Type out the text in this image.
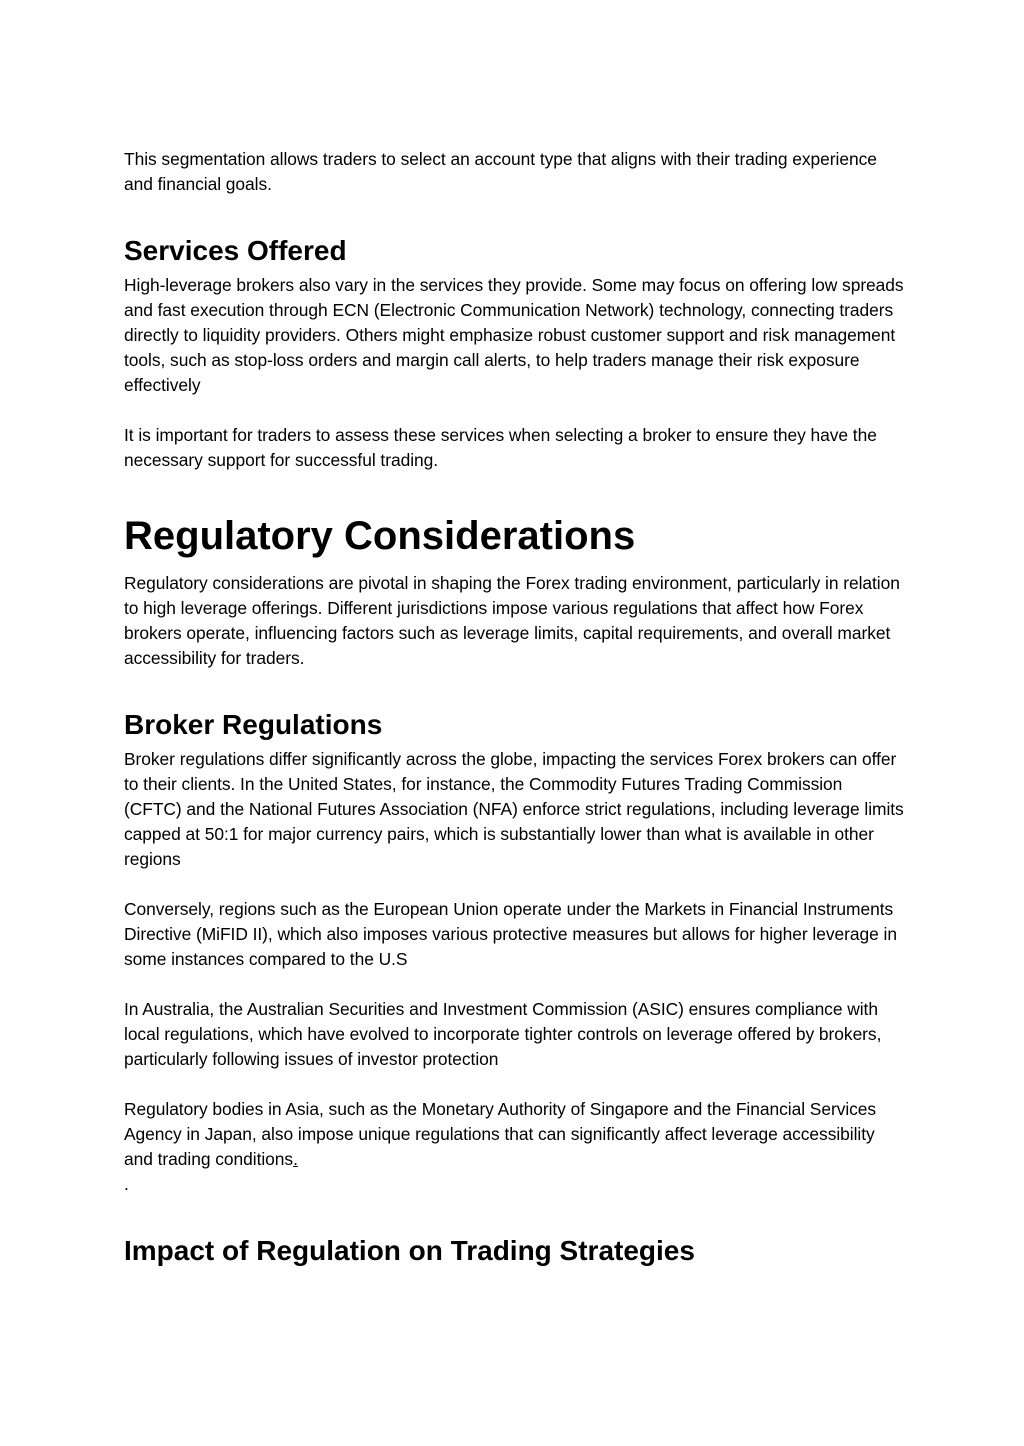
This segmentation allows traders to select an account type that aligns with their trading experience and financial goals.

Services Offered

High-leverage brokers also vary in the services they provide. Some may focus on offering low spreads and fast execution through ECN (Electronic Communication Network) technology, connecting traders directly to liquidity providers. Others might emphasize robust customer support and risk management tools, such as stop-loss orders and margin call alerts, to help traders manage their risk exposure effectively

It is important for traders to assess these services when selecting a broker to ensure they have the necessary support for successful trading.

Regulatory Considerations

Regulatory considerations are pivotal in shaping the Forex trading environment, particularly in relation to high leverage offerings. Different jurisdictions impose various regulations that affect how Forex brokers operate, influencing factors such as leverage limits, capital requirements, and overall market accessibility for traders.

Broker Regulations

Broker regulations differ significantly across the globe, impacting the services Forex brokers can offer to their clients. In the United States, for instance, the Commodity Futures Trading Commission (CFTC) and the National Futures Association (NFA) enforce strict regulations, including leverage limits capped at 50:1 for major currency pairs, which is substantially lower than what is available in other regions

Conversely, regions such as the European Union operate under the Markets in Financial Instruments Directive (MiFID II), which also imposes various protective measures but allows for higher leverage in some instances compared to the U.S

In Australia, the Australian Securities and Investment Commission (ASIC) ensures compliance with local regulations, which have evolved to incorporate tighter controls on leverage offered by brokers, particularly following issues of investor protection

Regulatory bodies in Asia, such as the Monetary Authority of Singapore and the Financial Services Agency in Japan, also impose unique regulations that can significantly affect leverage accessibility and trading conditions.

.

Impact of Regulation on Trading Strategies
